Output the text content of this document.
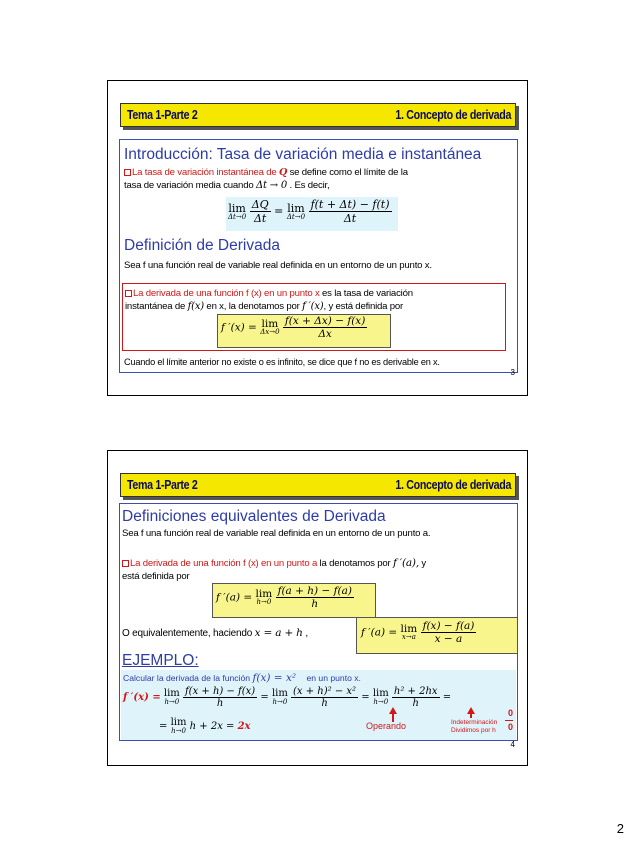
Tema 1-Parte 2	1. Concepto de derivada
Introducción: Tasa de variación media e instantánea
La tasa de variación instantánea de Q se define como el límite de la
tasa de variación media cuando Δt → 0 . Es decir,
lim
Δt→0
$\frac{\Delta Q}{\Delta t} = \lim$
Δt→0
$\frac{f(t + \Delta t) - f(t)}{\Delta t}$
Definición de Derivada
Sea f una función real de variable real definida en un entorno de un punto x.
La derivada de una función f (x) en un punto x es la tasa de variación
instantánea de f(x) en x, la denotamos por f ′(x), y está definida por
f ′(x) = lim
Δx→0
$\frac{f(x + \Delta x) - f(x)}{\Delta x}$
Cuando el límite anterior no existe o es infinito, se dice que f no es derivable en x.
3
Tema 1-Parte 2	1. Concepto de derivada
Definiciones equivalentes de Derivada
Sea f una función real de variable real definida en un entorno de un punto a.
La derivada de una función f (x) en un punto a la denotamos por f ′(a), y
está definida por
f ′(a) = lim
h→0
$\frac{f(a + h) - f(a)}{h}$
O equivalentemente, haciendo x = a + h ,	f ′(a) = lim
x→a
$\frac{f(x) - f(a)}{x - a}$
EJEMPLO:
Calcular la derivada de la función f(x) = x² en un punto x.
f ′(x) = lim
h→0
$\frac{f(x + h) - f(x)}{h} = \lim$
h→0
$\frac{\text{(x + h)² − x²}}{h} = \lim$
h→0
$\frac{\text{h² + 2hx}}{h}$ =
= lim
h→0 h + 2x = 2x	Operando	Indeterminación
Dividimos por h
0
0
4
2
